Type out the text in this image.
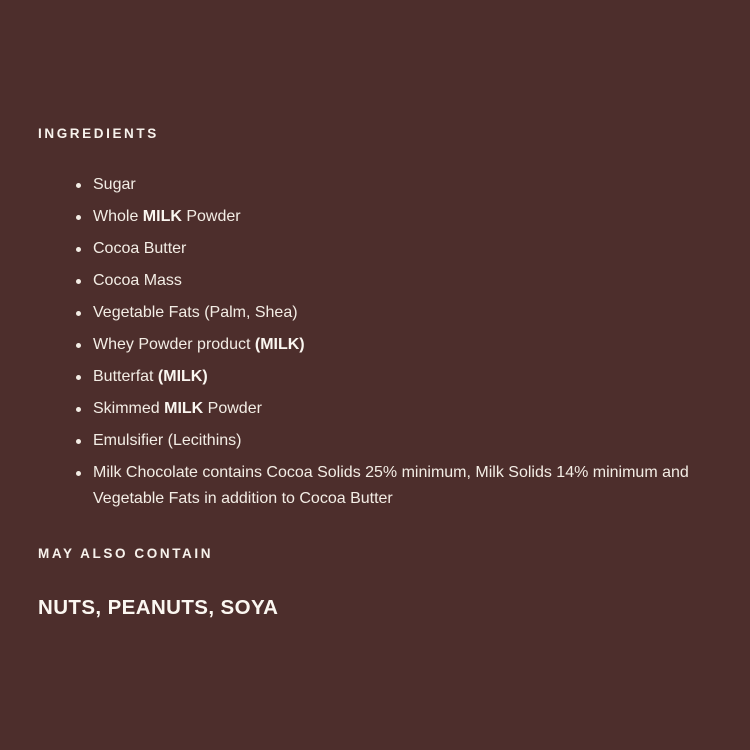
INGREDIENTS
Sugar
Whole MILK Powder
Cocoa Butter
Cocoa Mass
Vegetable Fats (Palm, Shea)
Whey Powder product (MILK)
Butterfat (MILK)
Skimmed MILK Powder
Emulsifier (Lecithins)
Milk Chocolate contains Cocoa Solids 25% minimum, Milk Solids 14% minimum and Vegetable Fats in addition to Cocoa Butter
MAY ALSO CONTAIN

NUTS, PEANUTS, SOYA
